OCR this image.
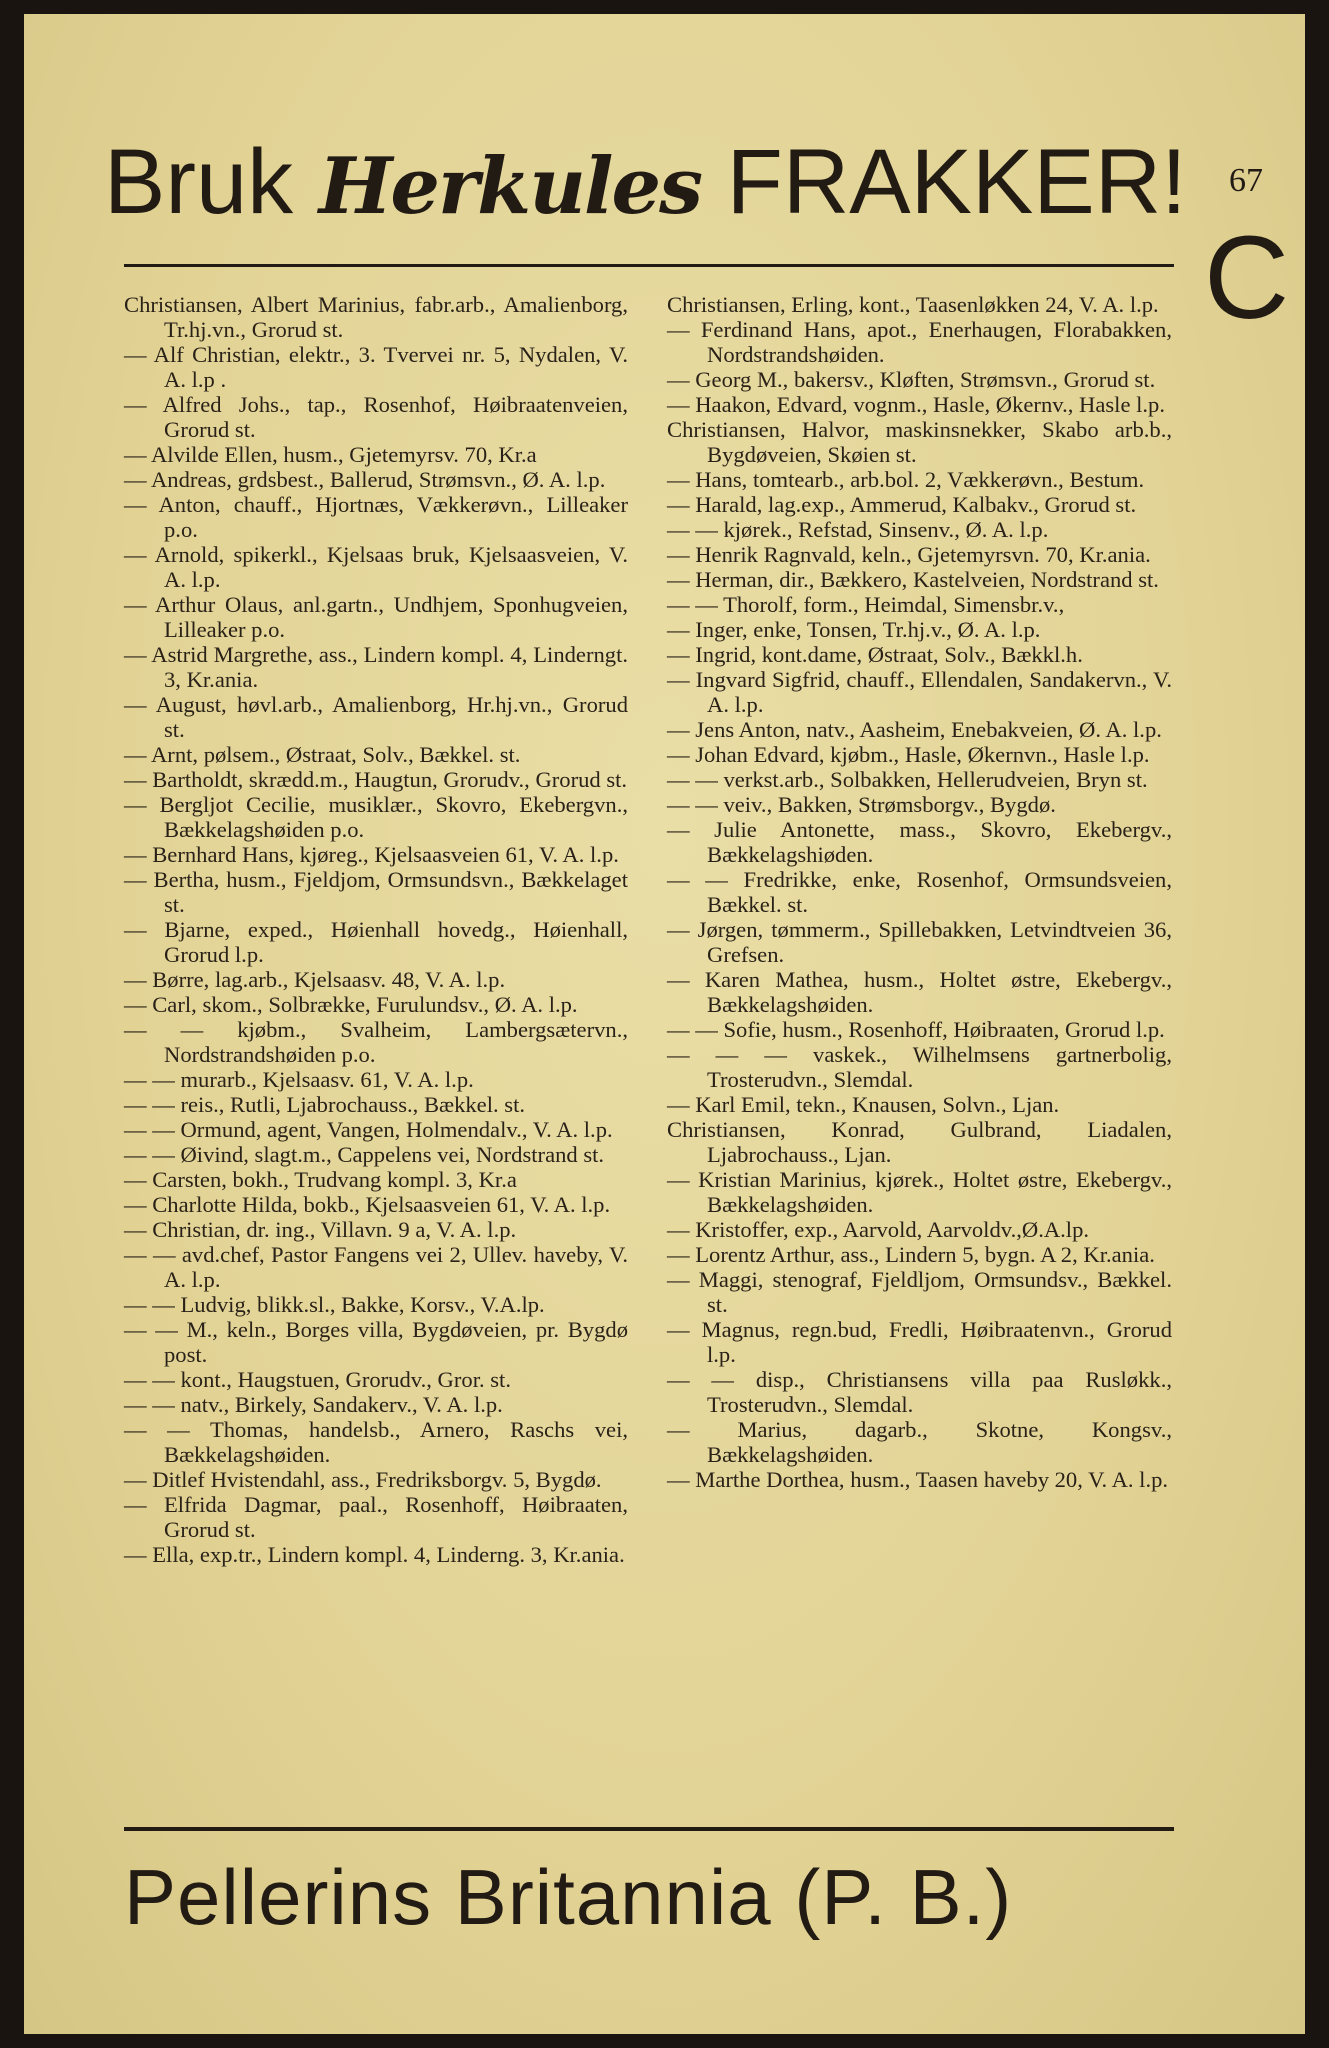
Bruk Herkules FRAKKER! 67
C
Christiansen, Albert Marinius, fabr.arb., Amalienborg, Tr.hj.vn., Grorud st.
— Alf Christian, elektr., 3. Tvervei nr. 5, Nydalen, V. A. l.p .
— Alfred Johs., tap., Rosenhof, Høibraatenveien, Grorud st.
— Alvilde Ellen, husm., Gjetemyrsv. 70, Kr.a
— Andreas, grdsbest., Ballerud, Strømsvn., Ø. A. l.p.
— Anton, chauff., Hjortnæs, Vækkerøvn., Lilleaker p.o.
— Arnold, spikerkl., Kjelsaas bruk, Kjelsaasveien, V. A. l.p.
— Arthur Olaus, anl.gartn., Undhjem, Sponhugveien, Lilleaker p.o.
— Astrid Margrethe, ass., Lindern kompl. 4, Linderngt. 3, Kr.ania.
— August, høvl.arb., Amalienborg, Hr.hj.vn., Grorud st.
— Arnt, pølsem., Østraat, Solv., Bækkel. st.
— Bartholdt, skrædd.m., Haugtun, Grorudv., Grorud st.
— Bergljot Cecilie, musiklær., Skovro, Ekebergvn., Bækkelagshøiden p.o.
— Bernhard Hans, kjøreg., Kjelsaasveien 61, V. A. l.p.
— Bertha, husm., Fjeldjom, Ormsundsvn., Bækkelaget st.
— Bjarne, exped., Høienhall hovedg., Høienhall, Grorud l.p.
— Børre, lag.arb., Kjelsaasv. 48, V. A. l.p.
— Carl, skom., Solbrække, Furulundsv., Ø. A. l.p.
— — kjøbm., Svalheim, Lambergsætervn., Nordstrandshøiden p.o.
— — murarb., Kjelsaasv. 61, V. A. l.p.
— — reis., Rutli, Ljabrochauss., Bækkel. st.
— — Ormund, agent, Vangen, Holmendalv., V. A. l.p.
— — Øivind, slagt.m., Cappelens vei, Nordstrand st.
— Carsten, bokh., Trudvang kompl. 3, Kr.a
— Charlotte Hilda, bokb., Kjelsaasveien 61, V. A. l.p.
— Christian, dr. ing., Villavn. 9 a, V. A. l.p.
— — avd.chef, Pastor Fangens vei 2, Ullev. haveby, V. A. l.p.
— — Ludvig, blikk.sl., Bakke, Korsv., V.A.lp.
— — M., keln., Borges villa, Bygdøveien, pr. Bygdø post.
— — kont., Haugstuen, Grorudv., Gror. st.
— — natv., Birkely, Sandakerv., V. A. l.p.
— — Thomas, handelsb., Arnero, Raschs vei, Bækkelagshøiden.
— Ditlef Hvistendahl, ass., Fredriksborgv. 5, Bygdø.
— Elfrida Dagmar, paal., Rosenhoff, Høibraaten, Grorud st.
— Ella, exp.tr., Lindern kompl. 4, Linderng. 3, Kr.ania.
Christiansen, Erling, kont., Taasenløkken 24, V. A. l.p.
— Ferdinand Hans, apot., Enerhaugen, Florabakken, Nordstrandshøiden.
— Georg M., bakersv., Kløften, Strømsvn., Grorud st.
— Haakon, Edvard, vognm., Hasle, Økernv., Hasle l.p.
Christiansen, Halvor, maskinsnekker, Skabo arb.b., Bygdøveien, Skøien st.
— Hans, tomtearb., arb.bol. 2, Vækkerøvn., Bestum.
— Harald, lag.exp., Ammerud, Kalbakv., Grorud st.
— — kjørek., Refstad, Sinsenv., Ø. A. l.p.
— Henrik Ragnvald, keln., Gjetemyrsvn. 70, Kr.ania.
— Herman, dir., Bækkero, Kastelveien, Nordstrand st.
— — Thorolf, form., Heimdal, Simensbr.v.,
— Inger, enke, Tonsen, Tr.hj.v., Ø. A. l.p.
— Ingrid, kont.dame, Østraat, Solv., Bækkl.h.
— Ingvard Sigfrid, chauff., Ellendalen, Sandakervn., V. A. l.p.
— Jens Anton, natv., Aasheim, Enebakveien, Ø. A. l.p.
— Johan Edvard, kjøbm., Hasle, Økernvn., Hasle l.p.
— — verkst.arb., Solbakken, Hellerudveien, Bryn st.
— — veiv., Bakken, Strømsborgv., Bygdø.
— Julie Antonette, mass., Skovro, Ekebergv., Bækkelagshiøden.
— — Fredrikke, enke, Rosenhof, Ormsundsveien, Bækkel. st.
— Jørgen, tømmerm., Spillebakken, Letvindtveien 36, Grefsen.
— Karen Mathea, husm., Holtet østre, Ekebergv., Bækkelagshøiden.
— — Sofie, husm., Rosenhoff, Høibraaten, Grorud l.p.
— — — vaskek., Wilhelmsens gartnerbolig, Trosterudvn., Slemdal.
— Karl Emil, tekn., Knausen, Solvn., Ljan.
Christiansen, Konrad, Gulbrand, Liadalen, Ljabrochauss., Ljan.
— Kristian Marinius, kjørek., Holtet østre, Ekebergv., Bækkelagshøiden.
— Kristoffer, exp., Aarvold, Aarvoldv.,Ø.A.lp.
— Lorentz Arthur, ass., Lindern 5, bygn. A 2, Kr.ania.
— Maggi, stenograf, Fjeldljom, Ormsundsv., Bækkel. st.
— Magnus, regn.bud, Fredli, Høibraatenvn., Grorud l.p.
— — disp., Christiansens villa paa Rusløkk., Trosterudvn., Slemdal.
— Marius, dagarb., Skotne, Kongsv., Bækkelagshøiden.
— Marthe Dorthea, husm., Taasen haveby 20, V. A. l.p.
Pellerins Britannia (P. B.)
